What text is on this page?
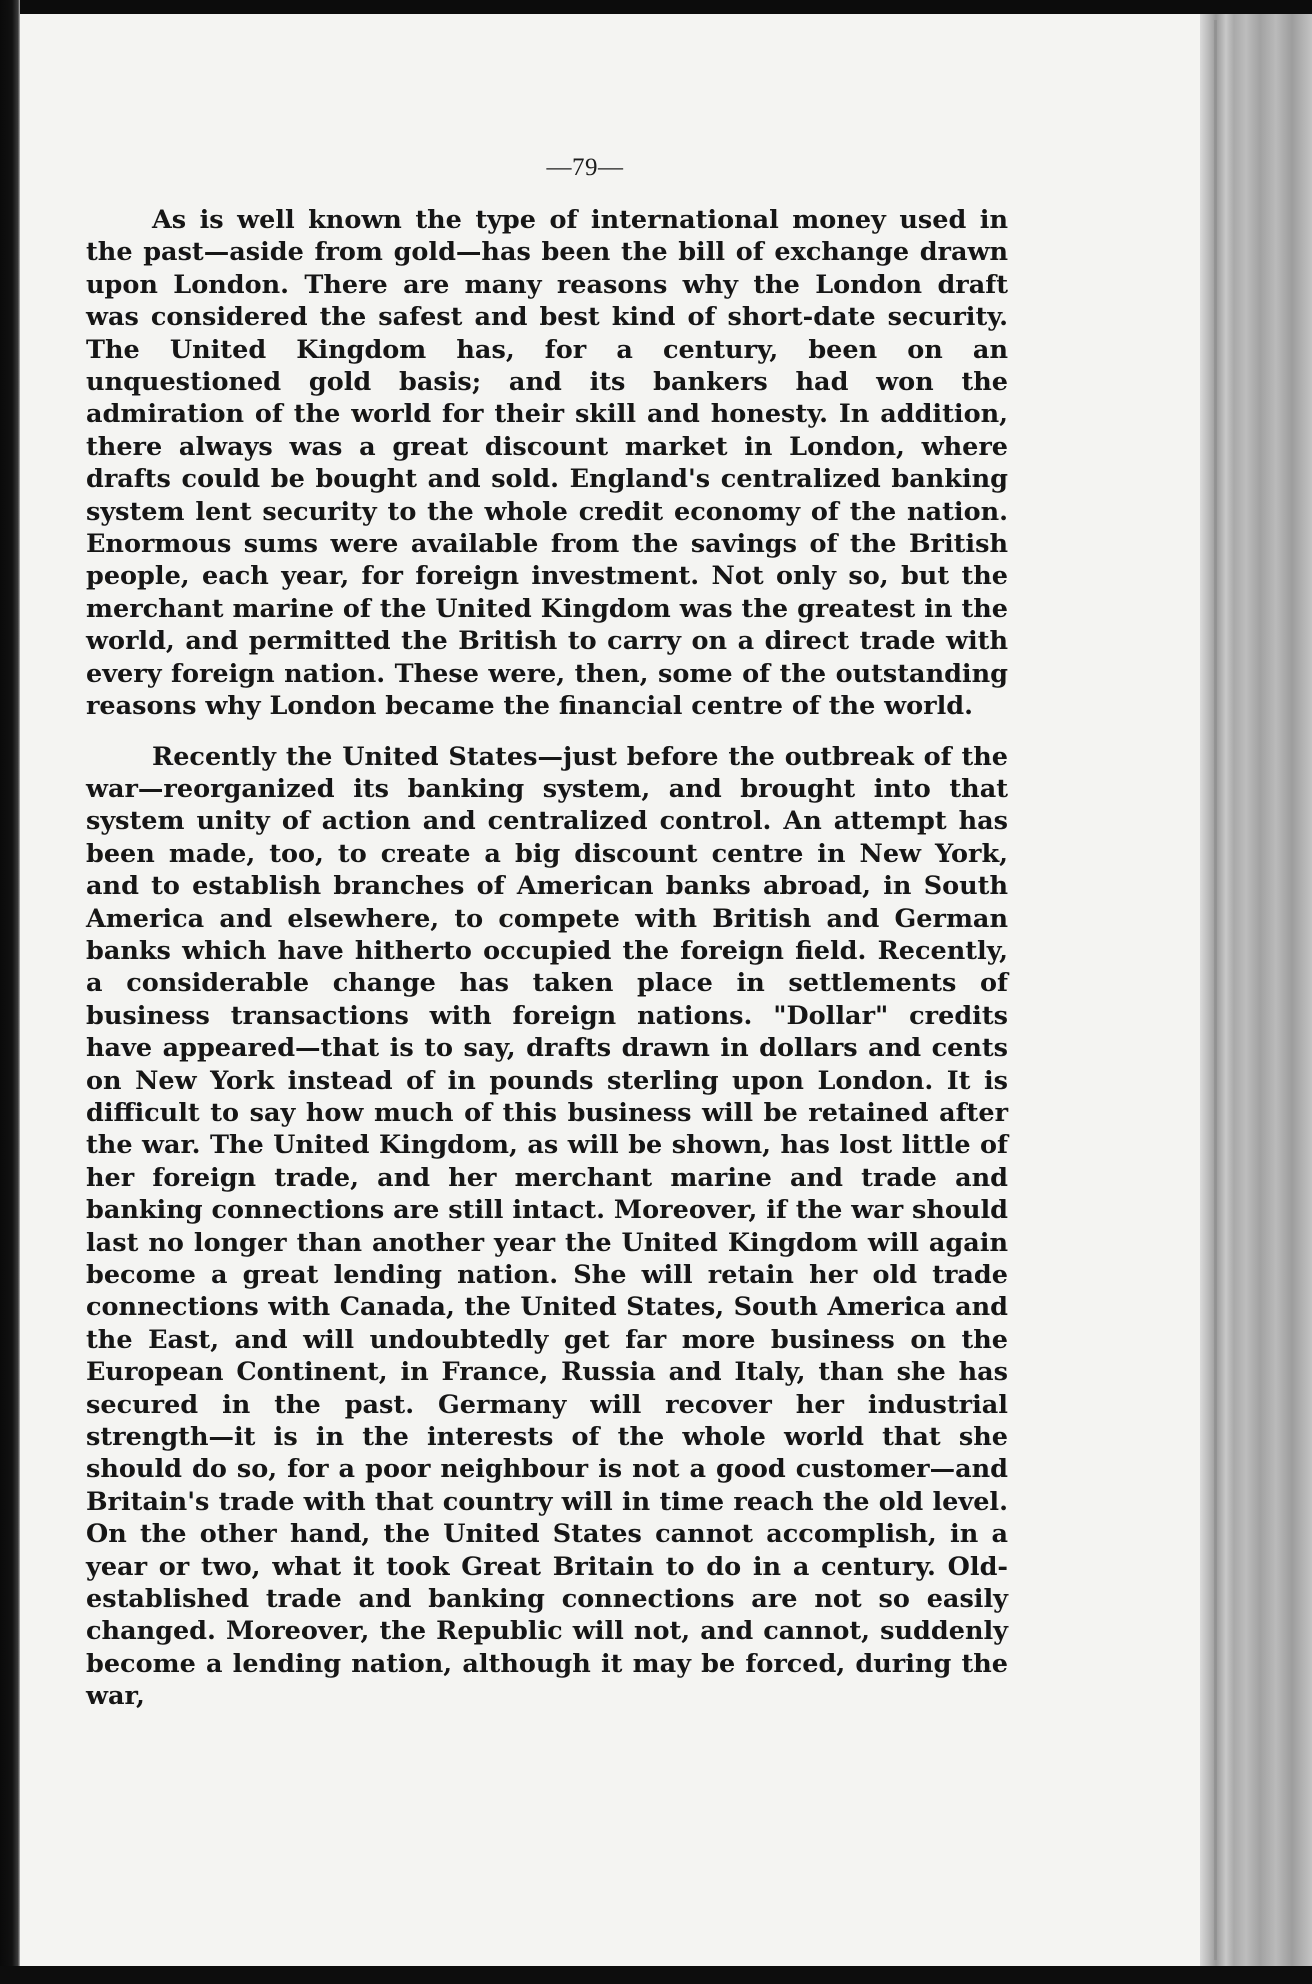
—79—

As is well known the type of international money used in the past—aside from gold—has been the bill of exchange drawn upon London. There are many reasons why the London draft was considered the safest and best kind of short-date security. The United Kingdom has, for a century, been on an unquestioned gold basis; and its bankers had won the admiration of the world for their skill and honesty. In addition, there always was a great discount market in London, where drafts could be bought and sold. England's centralized banking system lent security to the whole credit economy of the nation. Enormous sums were available from the savings of the British people, each year, for foreign investment. Not only so, but the merchant marine of the United Kingdom was the greatest in the world, and permitted the British to carry on a direct trade with every foreign nation. These were, then, some of the outstanding reasons why London became the financial centre of the world.

Recently the United States—just before the outbreak of the war—reorganized its banking system, and brought into that system unity of action and centralized control. An attempt has been made, too, to create a big discount centre in New York, and to establish branches of American banks abroad, in South America and elsewhere, to compete with British and German banks which have hitherto occupied the foreign field. Recently, a considerable change has taken place in settlements of business transactions with foreign nations. "Dollar" credits have appeared—that is to say, drafts drawn in dollars and cents on New York instead of in pounds sterling upon London. It is difficult to say how much of this business will be retained after the war. The United Kingdom, as will be shown, has lost little of her foreign trade, and her merchant marine and trade and banking connections are still intact. Moreover, if the war should last no longer than another year the United Kingdom will again become a great lending nation. She will retain her old trade connections with Canada, the United States, South America and the East, and will undoubtedly get far more business on the European Continent, in France, Russia and Italy, than she has secured in the past. Germany will recover her industrial strength—it is in the interests of the whole world that she should do so, for a poor neighbour is not a good customer—and Britain's trade with that country will in time reach the old level. On the other hand, the United States cannot accomplish, in a year or two, what it took Great Britain to do in a century. Old-established trade and banking connections are not so easily changed. Moreover, the Republic will not, and cannot, suddenly become a lending nation, although it may be forced, during the war,
